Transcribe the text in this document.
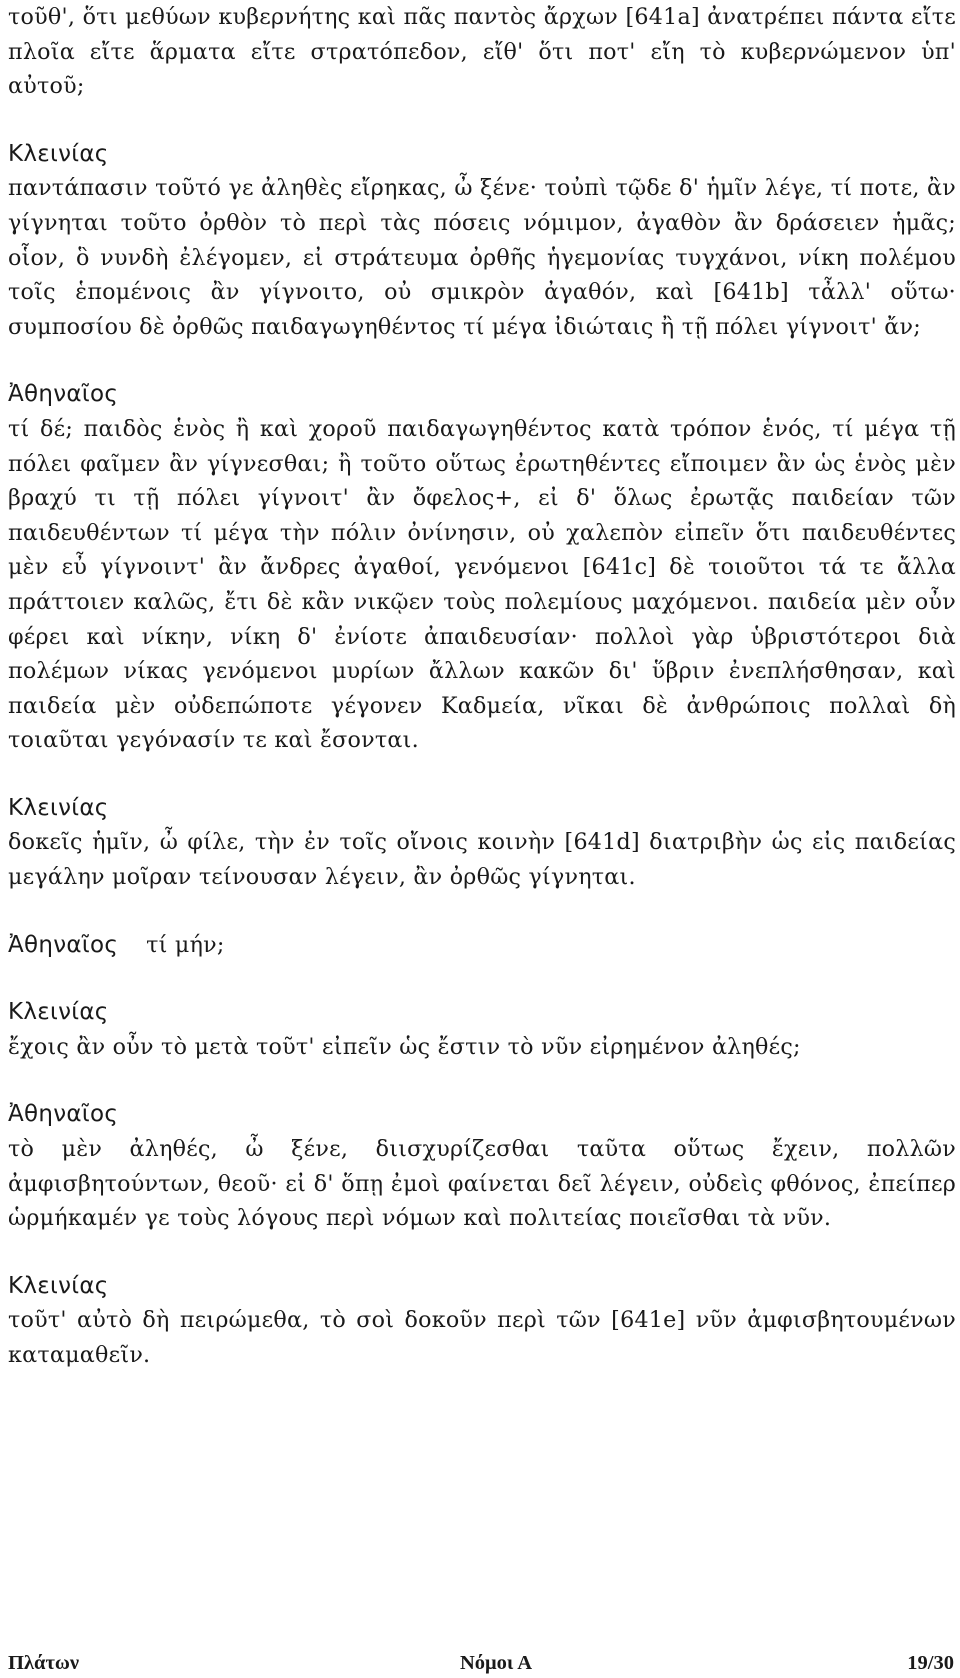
τοῦθ', ὅτι μεθύων κυβερνήτης καὶ πᾶς παντὸς ἄρχων [641a] ἀνατρέπει πάντα εἴτε πλοῖα εἴτε ἅρματα εἴτε στρατόπεδον, εἴθ' ὅτι ποτ' εἴη τὸ κυβερνώμενον ὑπ' αὐτοῦ;

Κλεινίας

παντάπασιν τοῦτό γε ἀληθὲς εἴρηκας, ὦ ξένε· τοὐπὶ τῷδε δ' ἡμῖν λέγε, τί ποτε, ἂν γίγνηται τοῦτο ὀρθὸν τὸ περὶ τὰς πόσεις νόμιμον, ἀγαθὸν ἂν δράσειεν ἡμᾶς; οἷον, ὃ νυνδὴ ἐλέγομεν, εἰ στράτευμα ὀρθῆς ἡγεμονίας τυγχάνοι, νίκη πολέμου τοῖς ἑπομένοις ἂν γίγνοιτο, οὐ σμικρὸν ἀγαθόν, καὶ [641b] τἆλλ' οὕτω· συμποσίου δὲ ὀρθῶς παιδαγωγηθέντος τί μέγα ἰδιώταις ἢ τῇ πόλει γίγνοιτ' ἄν;

Ἀθηναῖος

τί δέ; παιδὸς ἑνὸς ἢ καὶ χοροῦ παιδαγωγηθέντος κατὰ τρόπον ἑνός, τί μέγα τῇ πόλει φαῖμεν ἂν γίγνεσθαι; ἢ τοῦτο οὕτως ἐρωτηθέντες εἴποιμεν ἂν ὡς ἑνὸς μὲν βραχύ τι τῇ πόλει γίγνοιτ' ἂν ὄφελος+, εἰ δ' ὅλως ἐρωτᾷς παιδείαν τῶν παιδευθέντων τί μέγα τὴν πόλιν ὀνίνησιν, οὐ χαλεπὸν εἰπεῖν ὅτι παιδευθέντες μὲν εὖ γίγνοιντ' ἂν ἄνδρες ἀγαθοί, γενόμενοι [641c] δὲ τοιοῦτοι τά τε ἄλλα πράττοιεν καλῶς, ἔτι δὲ κἂν νικῷεν τοὺς πολεμίους μαχόμενοι. παιδεία μὲν οὖν φέρει καὶ νίκην, νίκη δ' ἐνίοτε ἀπαιδευσίαν· πολλοὶ γὰρ ὑβριστότεροι διὰ πολέμων νίκας γενόμενοι μυρίων ἄλλων κακῶν δι' ὕβριν ἐνεπλήσθησαν, καὶ παιδεία μὲν οὐδεπώποτε γέγονεν Καδμεία, νῖκαι δὲ ἀνθρώποις πολλαὶ δὴ τοιαῦται γεγόνασίν τε καὶ ἔσονται.

Κλεινίας

δοκεῖς ἡμῖν, ὦ φίλε, τὴν ἐν τοῖς οἴνοις κοινὴν [641d] διατριβὴν ὡς εἰς παιδείας μεγάλην μοῖραν τείνουσαν λέγειν, ἂν ὀρθῶς γίγνηται.

Ἀθηναῖος τί μήν;

Κλεινίας

ἔχοις ἂν οὖν τὸ μετὰ τοῦτ' εἰπεῖν ὡς ἔστιν τὸ νῦν εἰρημένον ἀληθές;

Ἀθηναῖος

τὸ μὲν ἀληθές, ὦ ξένε, διισχυρίζεσθαι ταῦτα οὕτως ἔχειν, πολλῶν ἀμφισβητούντων, θεοῦ· εἰ δ' ὅπῃ ἐμοὶ φαίνεται δεῖ λέγειν, οὐδεὶς φθόνος, ἐπείπερ ὡρμήκαμέν γε τοὺς λόγους περὶ νόμων καὶ πολιτείας ποιεῖσθαι τὰ νῦν.

Κλεινίας

τοῦτ' αὐτὸ δὴ πειρώμεθα, τὸ σοὶ δοκοῦν περὶ τῶν [641e] νῦν ἀμφισβητουμένων καταμαθεῖν.

Πλάτων	Νόμοι Α	19/30
